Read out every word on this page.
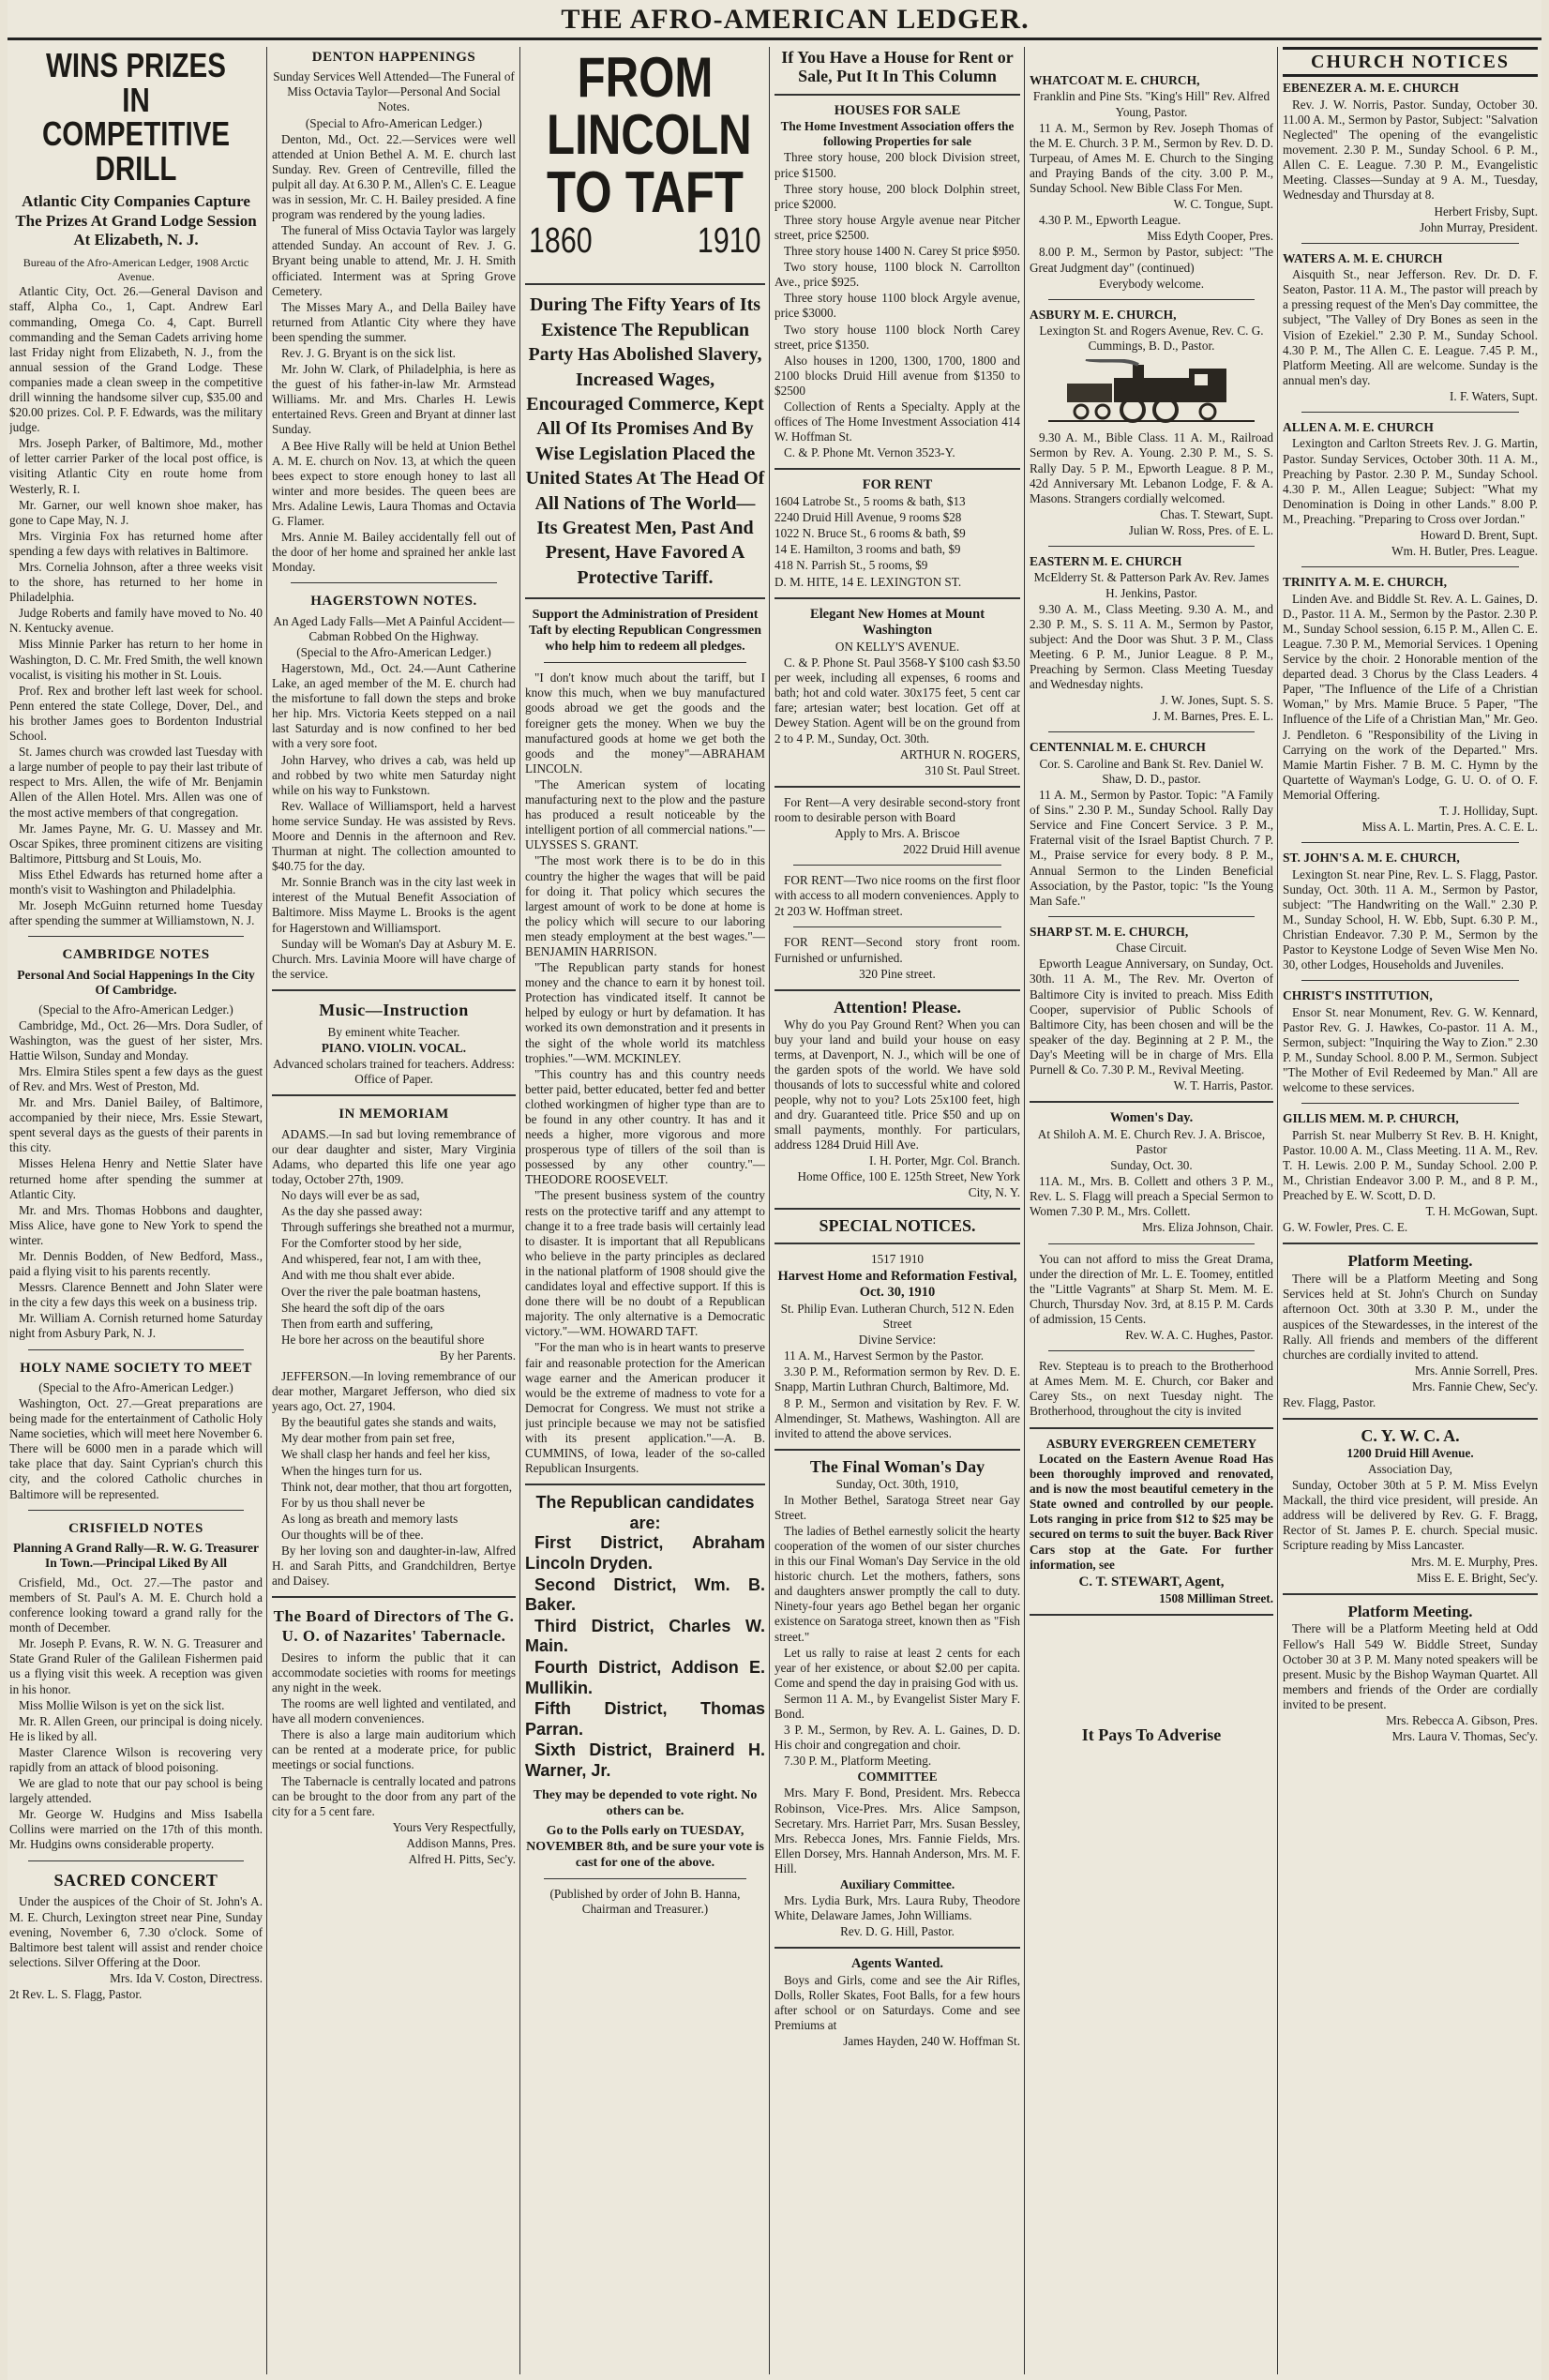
THE AFRO-AMERICAN LEDGER.
WINS PRIZES IN COMPETITIVE DRILL
Atlantic City Companies Capture The Prizes At Grand Lodge Session At Elizabeth, N. J.

Bureau of the Afro-American Ledger, 1908 Arctic Avenue.

Atlantic City, Oct. 26.—General Davison and staff, Alpha Co., 1, Capt. Andrew Earl commanding, Omega Co. 4, Capt. Burrell commanding and the Seman Cadets arriving home last Friday night from Elizabeth, N. J., from the annual session of the Grand Lodge. These companies made a clean sweep in the competitive drill winning the handsome silver cup, $35.00 and $20.00 prizes. Col. P. F. Edwards, was the military judge.

Mrs. Joseph Parker, of Baltimore, Md., mother of letter carrier Parker of the local post office, is visiting Atlantic City en route home from Westerly, R. I.

Mr. Garner, our well known shoe maker, has gone to Cape May, N. J.

Mrs. Virginia Fox has returned home after spending a few days with relatives in Baltimore.

Mrs. Cornelia Johnson, after a three weeks visit to the shore, has returned to her home in Philadelphia.

Judge Roberts and family have moved to No. 40 N. Kentucky avenue.

Miss Minnie Parker has return to her home in Washington, D. C. Mr. Fred Smith, the well known vocalist, is visiting his mother in St. Louis.

Prof. Rex and brother left last week for school. Penn entered the state College, Dover, Del., and his brother James goes to Bordenton Industrial School.

St. James church was crowded last Tuesday with a large number of people to pay their last tribute of respect to Mrs. Allen, the wife of Mr. Benjamin Allen of the Allen Hotel. Mrs. Allen was one of the most active members of that congregation.

Mr. James Payne, Mr. G. U. Massey and Mr. Oscar Spikes, three prominent citizens are visiting Baltimore, Pittsburg and St Louis, Mo.

Miss Ethel Edwards has returned home after a month's visit to Washington and Philadelphia.

Mr. Joseph McGuinn returned home Tuesday after spending the summer at Williamstown, N. J.

CAMBRIDGE NOTES
Personal And Social Happenings In the City Of Cambridge.

(Special to the Afro-American Ledger.)

Cambridge, Md., Oct. 26—Mrs. Dora Sudler, of Washington, was the guest of her sister, Mrs. Hattie Wilson, Sunday and Monday.

Mrs. Elmira Stiles spent a few days as the guest of Rev. and Mrs. West of Preston, Md.

Mr. and Mrs. Daniel Bailey, of Baltimore, accompanied by their niece, Mrs. Essie Stewart, spent several days as the guests of their parents in this city.

Misses Helena Henry and Nettie Slater have returned home after spending the summer at Atlantic City.

Mr. and Mrs. Thomas Hobbons and daughter, Miss Alice, have gone to New York to spend the winter.

Mr. Dennis Bodden, of New Bedford, Mass., paid a flying visit to his parents recently.

Messrs. Clarence Bennett and John Slater were in the city a few days this week on a business trip.

Mr. William A. Cornish returned home Saturday night from Asbury Park, N. J.

HOLY NAME SOCIETY TO MEET

(Special to the Afro-American Ledger.)

Washington, Oct. 27.—Great preparations are being made for the entertainment of Catholic Holy Name societies, which will meet here November 6. There will be 6000 men in a parade which will take place that day. Saint Cyprian's church this city, and the colored Catholic churches in Baltimore will be represented.

CRISFIELD NOTES
Planning A Grand Rally—R. W. G. Treasurer In Town.—Principal Liked By All

Crisfield, Md., Oct. 27.—The pastor and members of St. Paul's A. M. E. Church hold a conference looking toward a grand rally for the month of December.

Mr. Joseph P. Evans, R. W. N. G. Treasurer and State Grand Ruler of the Galilean Fishermen paid us a flying visit this week. A reception was given in his honor.

Miss Mollie Wilson is yet on the sick list.

Mr. R. Allen Green, our principal is doing nicely. He is liked by all.

Master Clarence Wilson is recovering very rapidly from an attack of blood poisoning.

We are glad to note that our pay school is being largely attended.

Mr. George W. Hudgins and Miss Isabella Collins were married on the 17th of this month. Mr. Hudgins owns considerable property.

SACRED CONCERT

Under the auspices of the Choir of St. John's A. M. E. Church, Lexington street near Pine, Sunday evening, November 6, 7.30 o'clock. Some of Baltimore best talent will assist and render choice selections. Silver Offering at the Door.

Mrs. Ida V. Coston, Directress.

2t Rev. L. S. Flagg, Pastor.

DENTON HAPPENINGS

Sunday Services Well Attended—The Funeral of Miss Octavia Taylor—Personal And Social Notes.

(Special to Afro-American Ledger.)

Denton, Md., Oct. 22.—Services were well attended at Union Bethel A. M. E. church last Sunday. Rev. Green of Centreville, filled the pulpit all day. At 6.30 P. M., Allen's C. E. League was in session, Mr. C. H. Bailey presided. A fine program was rendered by the young ladies.

The funeral of Miss Octavia Taylor was largely attended Sunday. An account of Rev. J. G. Bryant being unable to attend, Mr. J. H. Smith officiated. Interment was at Spring Grove Cemetery.

The Misses Mary A., and Della Bailey have returned from Atlantic City where they have been spending the summer.

Rev. J. G. Bryant is on the sick list.

Mr. John W. Clark, of Philadelphia, is here as the guest of his father-in-law Mr. Armstead Williams. Mr. and Mrs. Charles H. Lewis entertained Revs. Green and Bryant at dinner last Sunday.

A Bee Hive Rally will be held at Union Bethel A. M. E. church on Nov. 13, at which the queen bees expect to store enough honey to last all winter and more besides. The queen bees are Mrs. Adaline Lewis, Laura Thomas and Octavia G. Flamer.

Mrs. Annie M. Bailey accidentally fell out of the door of her home and sprained her ankle last Monday.

HAGERSTOWN NOTES.

An Aged Lady Falls—Met A Painful Accident—Cabman Robbed On the Highway.

(Special to the Afro-American Ledger.)

Hagerstown, Md., Oct. 24.—Aunt Catherine Lake, an aged member of the M. E. church had the misfortune to fall down the steps and broke her hip. Mrs. Victoria Keets stepped on a nail last Saturday and is now confined to her bed with a very sore foot.

John Harvey, who drives a cab, was held up and robbed by two white men Saturday night while on his way to Funkstown.

Rev. Wallace of Williamsport, held a harvest home service Sunday. He was assisted by Revs. Moore and Dennis in the afternoon and Rev. Thurman at night. The collection amounted to $40.75 for the day.

Mr. Sonnie Branch was in the city last week in interest of the Mutual Benefit Association of Baltimore. Miss Mayme L. Brooks is the agent for Hagerstown and Williamsport.

Sunday will be Woman's Day at Asbury M. E. Church. Mrs. Lavinia Moore will have charge of the service.

Music—Instruction

By eminent white Teacher.

PIANO. VIOLIN. VOCAL.

Advanced scholars trained for teachers. Address: Office of Paper.

IN MEMORIAM

ADAMS.—In sad but loving remembrance of our dear daughter and sister, Mary Virginia Adams, who departed this life one year ago today, October 27th, 1909.

No days will ever be as sad,

As the day she passed away:

Through sufferings she breathed not a murmur,

For the Comforter stood by her side,

And whispered, fear not, I am with thee,

And with me thou shalt ever abide.

Over the river the pale boatman hastens,

She heard the soft dip of the oars

Then from earth and suffering,

He bore her across on the beautiful shore

By her Parents.

JEFFERSON.—In loving remembrance of our dear mother, Margaret Jefferson, who died six years ago, Oct. 27, 1904.

By the beautiful gates she stands and waits,

My dear mother from pain set free,

We shall clasp her hands and feel her kiss,

When the hinges turn for us.

Think not, dear mother, that thou art forgotten,

For by us thou shall never be

As long as breath and memory lasts

Our thoughts will be of thee.

By her loving son and daughter-in-law, Alfred H. and Sarah Pitts, and Grandchildren, Bertye and Daisey.

The Board of Directors of The G. U. O. of Nazarites' Tabernacle.

Desires to inform the public that it can accommodate societies with rooms for meetings any night in the week.

The rooms are well lighted and ventilated, and have all modern conveniences.

There is also a large main auditorium which can be rented at a moderate price, for public meetings or social functions.

The Tabernacle is centrally located and patrons can be brought to the door from any part of the city for a 5 cent fare.

Yours Very Respectfully,

Addison Manns, Pres.

Alfred H. Pitts, Sec'y.

FROM LINCOLN
TO TAFT
1860	1910
During The Fifty Years of Its Existence The Republican Party Has Abolished Slavery, Increased Wages, Encouraged Commerce, Kept All Of Its Promises And By Wise Legislation Placed the United States At The Head Of All Nations of The World—Its Greatest Men, Past And Present, Have Favored A Protective Tariff.

Support the Administration of President Taft by electing Republican Congressmen who help him to redeem all pledges.

"I don't know much about the tariff, but I know this much, when we buy manufactured goods abroad we get the goods and the foreigner gets the money. When we buy the manufactured goods at home we get both the goods and the money"—ABRAHAM LINCOLN.

"The American system of locating manufacturing next to the plow and the pasture has produced a result noticeable by the intelligent portion of all commercial nations."—ULYSSES S. GRANT.

"The most work there is to be do in this country the higher the wages that will be paid for doing it. That policy which secures the largest amount of work to be done at home is the policy which will secure to our laboring men steady employment at the best wages."—BENJAMIN HARRISON.

"The Republican party stands for honest money and the chance to earn it by honest toil. Protection has vindicated itself. It cannot be helped by eulogy or hurt by defamation. It has worked its own demonstration and it presents in the sight of the whole world its matchless trophies."—WM. MCKINLEY.

"This country has and this country needs better paid, better educated, better fed and better clothed workingmen of higher type than are to be found in any other country. It has and it needs a higher, more vigorous and more prosperous type of tillers of the soil than is possessed by any other country."—THEODORE ROOSEVELT.

"The present business system of the country rests on the protective tariff and any attempt to change it to a free trade basis will certainly lead to disaster. It is important that all Republicans who believe in the party principles as declared in the national platform of 1908 should give the candidates loyal and effective support. If this is done there will be no doubt of a Republican majority. The only alternative is a Democratic victory."—WM. HOWARD TAFT.

"For the man who is in heart wants to preserve fair and reasonable protection for the American wage earner and the American producer it would be the extreme of madness to vote for a Democrat for Congress. We must not strike a just principle because we may not be satisfied with its present application."—A. B. CUMMINS, of Iowa, leader of the so-called Republican Insurgents.

The Republican candidates are:

First District, Abraham Lincoln Dryden.

Second District, Wm. B. Baker.

Third District, Charles W. Main.

Fourth District, Addison E. Mullikin.

Fifth District, Thomas Parran.

Sixth District, Brainerd H. Warner, Jr.

They may be depended to vote right. No others can be.

Go to the Polls early on TUESDAY, NOVEMBER 8th, and be sure your vote is cast for one of the above.

(Published by order of John B. Hanna, Chairman and Treasurer.)

If You Have a House for Rent or Sale, Put It In This Column
HOUSES FOR SALE

The Home Investment Association offers the following Properties for sale

Three story house, 200 block Division street, price $1500.

Three story house, 200 block Dolphin street, price $2000.

Three story house Argyle avenue near Pitcher street, price $2500.

Three story house 1400 N. Carey St price $950.

Two story house, 1100 block N. Carrollton Ave., price $925.

Three story house 1100 block Argyle avenue, price $3000.

Two story house 1100 block North Carey street, price $1350.

Also houses in 1200, 1300, 1700, 1800 and 2100 blocks Druid Hill avenue from $1350 to $2500

Collection of Rents a Specialty. Apply at the offices of The Home Investment Association 414 W. Hoffman St.

C. & P. Phone Mt. Vernon 3523-Y.

FOR RENT

1604 Latrobe St., 5 rooms & bath, $13

2240 Druid Hill Avenue, 9 rooms $28

1022 N. Bruce St., 6 rooms & bath, $9

14 E. Hamilton, 3 rooms and bath, $9

418 N. Parrish St., 5 rooms, $9

D. M. HITE, 14 E. LEXINGTON ST.

Elegant New Homes at Mount Washington

ON KELLY'S AVENUE.

C. & P. Phone St. Paul 3568-Y $100 cash $3.50 per week, including all expenses, 6 rooms and bath; hot and cold water. 30x175 feet, 5 cent car fare; artesian water; best location. Get off at Dewey Station. Agent will be on the ground from 2 to 4 P. M., Sunday, Oct. 30th.

ARTHUR N. ROGERS,

310 St. Paul Street.

For Rent—A very desirable second-story front room to desirable person with Board

Apply to Mrs. A. Briscoe

2022 Druid Hill avenue

FOR RENT—Two nice rooms on the first floor with access to all modern conveniences. Apply to

2t 203 W. Hoffman street.

FOR RENT—Second story front room. Furnished or unfurnished.

320 Pine street.

Attention! Please.

Why do you Pay Ground Rent? When you can buy your land and build your house on easy terms, at Davenport, N. J., which will be one of the garden spots of the world. We have sold thousands of lots to successful white and colored people, why not to you? Lots 25x100 feet, high and dry. Guaranteed title. Price $50 and up on small payments, monthly. For particulars, address 1284 Druid Hill Ave.

I. H. Porter, Mgr. Col. Branch.

Home Office, 100 E. 125th Street, New York City, N. Y.

SPECIAL NOTICES.

1517 1910

Harvest Home and Reformation Festival, Oct. 30, 1910

St. Philip Evan. Lutheran Church, 512 N. Eden Street

Divine Service:

11 A. M., Harvest Sermon by the Pastor.

3.30 P. M., Reformation sermon by Rev. D. E. Snapp, Martin Luthran Church, Baltimore, Md.

8 P. M., Sermon and visitation by Rev. F. W. Almendinger, St. Mathews, Washington. All are invited to attend the above services.

The Final Woman's Day

Sunday, Oct. 30th, 1910,

In Mother Bethel, Saratoga Street near Gay Street.

The ladies of Bethel earnestly solicit the hearty cooperation of the women of our sister churches in this our Final Woman's Day Service in the old historic church. Let the mothers, fathers, sons and daughters answer promptly the call to duty. Ninety-four years ago Bethel began her organic existence on Saratoga street, known then as "Fish street."

Let us rally to raise at least 2 cents for each year of her existence, or about $2.00 per capita. Come and spend the day in praising God with us.

Sermon 11 A. M., by Evangelist Sister Mary F. Bond.

3 P. M., Sermon, by Rev. A. L. Gaines, D. D. His choir and congregation and choir.

7.30 P. M., Platform Meeting.

COMMITTEE

Mrs. Mary F. Bond, President. Mrs. Rebecca Robinson, Vice-Pres. Mrs. Alice Sampson, Secretary. Mrs. Harriet Parr, Mrs. Susan Bessley, Mrs. Rebecca Jones, Mrs. Fannie Fields, Mrs. Ellen Dorsey, Mrs. Hannah Anderson, Mrs. M. F. Hill.

Auxiliary Committee.

Mrs. Lydia Burk, Mrs. Laura Ruby, Theodore White, Delaware James, John Williams.

Rev. D. G. Hill, Pastor.

Agents Wanted.

Boys and Girls, come and see the Air Rifles, Dolls, Roller Skates, Foot Balls, for a few hours after school or on Saturdays. Come and see Premiums at

James Hayden, 240 W. Hoffman St.

WHATCOAT M. E. CHURCH,

Franklin and Pine Sts. "King's Hill" Rev. Alfred Young, Pastor.

11 A. M., Sermon by Rev. Joseph Thomas of the M. E. Church. 3 P. M., Sermon by Rev. D. D. Turpeau, of Ames M. E. Church to the Singing and Praying Bands of the city. 3.00 P. M., Sunday School. New Bible Class For Men.

W. C. Tongue, Supt.

4.30 P. M., Epworth League.

Miss Edyth Cooper, Pres.

8.00 P. M., Sermon by Pastor, subject: "The Great Judgment day" (continued)

Everybody welcome.

ASBURY M. E. CHURCH,

Lexington St. and Rogers Avenue, Rev. C. G. Cummings, B. D., Pastor.

9.30 A. M., Bible Class. 11 A. M., Railroad Sermon by Rev. A. Young. 2.30 P. M., S. S. Rally Day. 5 P. M., Epworth League. 8 P. M., 42d Anniversary Mt. Lebanon Lodge, F. & A. Masons. Strangers cordially welcomed.

Chas. T. Stewart, Supt.

Julian W. Ross, Pres. of E. L.

EASTERN M. E. CHURCH

McElderry St. & Patterson Park Av. Rev. James H. Jenkins, Pastor.

9.30 A. M., Class Meeting. 9.30 A. M., and 2.30 P. M., S. S. 11 A. M., Sermon by Pastor, subject: And the Door was Shut. 3 P. M., Class Meeting. 6 P. M., Junior League. 8 P. M., Preaching by Sermon. Class Meeting Tuesday and Wednesday nights.

J. W. Jones, Supt. S. S.

J. M. Barnes, Pres. E. L.

CENTENNIAL M. E. CHURCH

Cor. S. Caroline and Bank St. Rev. Daniel W. Shaw, D. D., pastor.

11 A. M., Sermon by Pastor. Topic: "A Family of Sins." 2.30 P. M., Sunday School. Rally Day Service and Fine Concert Service. 3 P. M., Fraternal visit of the Israel Baptist Church. 7 P. M., Praise service for every body. 8 P. M., Annual Sermon to the Linden Beneficial Association, by the Pastor, topic: "Is the Young Man Safe."

SHARP ST. M. E. CHURCH,

Chase Circuit.

Epworth League Anniversary, on Sunday, Oct. 30th. 11 A. M., The Rev. Mr. Overton of Baltimore City is invited to preach. Miss Edith Cooper, supervisior of Public Schools of Baltimore City, has been chosen and will be the speaker of the day. Beginning at 2 P. M., the Day's Meeting will be in charge of Mrs. Ella Purnell & Co. 7.30 P. M., Revival Meeting.

W. T. Harris, Pastor.

Women's Day.

At Shiloh A. M. E. Church Rev. J. A. Briscoe, Pastor

Sunday, Oct. 30.

11A. M., Mrs. B. Collett and others 3 P. M., Rev. L. S. Flagg will preach a Special Sermon to Women 7.30 P. M., Mrs. Collett.

Mrs. Eliza Johnson, Chair.

You can not afford to miss the Great Drama, under the direction of Mr. L. E. Toomey, entitled the "Little Vagrants" at Sharp St. Mem. M. E. Church, Thursday Nov. 3rd, at 8.15 P. M. Cards of admission, 15 Cents.

Rev. W. A. C. Hughes, Pastor.

Rev. Stepteau is to preach to the Brotherhood at Ames Mem. M. E. Church, cor Baker and Carey Sts., on next Tuesday night. The Brotherhood, throughout the city is invited

ASBURY EVERGREEN CEMETERY

Located on the Eastern Avenue Road Has been thoroughly improved and renovated, and is now the most beautiful cemetery in the State owned and controlled by our people. Lots ranging in price from $12 to $25 may be secured on terms to suit the buyer. Back River Cars stop at the Gate. For further information, see

C. T. STEWART, Agent,

1508 Milliman Street.

It Pays To Adverise
CHURCH NOTICES

EBENEZER A. M. E. CHURCH

Rev. J. W. Norris, Pastor. Sunday, October 30. 11.00 A. M., Sermon by Pastor, Subject: "Salvation Neglected" The opening of the evangelistic movement. 2.30 P. M., Sunday School. 6 P. M., Allen C. E. League. 7.30 P. M., Evangelistic Meeting. Classes—Sunday at 9 A. M., Tuesday, Wednesday and Thursday at 8.

Herbert Frisby, Supt.

John Murray, President.

WATERS A. M. E. CHURCH

Aisquith St., near Jefferson. Rev. Dr. D. F. Seaton, Pastor. 11 A. M., The pastor will preach by a pressing request of the Men's Day committee, the subject, "The Valley of Dry Bones as seen in the Vision of Ezekiel." 2.30 P. M., Sunday School. 4.30 P. M., The Allen C. E. League. 7.45 P. M., Platform Meeting. All are welcome. Sunday is the annual men's day.

I. F. Waters, Supt.

ALLEN A. M. E. CHURCH

Lexington and Carlton Streets Rev. J. G. Martin, Pastor. Sunday Services, October 30th. 11 A. M., Preaching by Pastor. 2.30 P. M., Sunday School. 4.30 P. M., Allen League; Subject: "What my Denomination is Doing in other Lands." 8.00 P. M., Preaching. "Preparing to Cross over Jordan."

Howard D. Brent, Supt.

Wm. H. Butler, Pres. League.

TRINITY A. M. E. CHURCH,

Linden Ave. and Biddle St. Rev. A. L. Gaines, D. D., Pastor. 11 A. M., Sermon by the Pastor. 2.30 P. M., Sunday School session, 6.15 P. M., Allen C. E. League. 7.30 P. M., Memorial Services. 1 Opening Service by the choir. 2 Honorable mention of the departed dead. 3 Chorus by the Class Leaders. 4 Paper, "The Influence of the Life of a Christian Woman," by Mrs. Mamie Bruce. 5 Paper, "The Influence of the Life of a Christian Man," Mr. Geo. J. Pendleton. 6 "Responsibility of the Living in Carrying on the work of the Departed." Mrs. Mamie Martin Fisher. 7 B. M. C. Hymn by the Quartette of Wayman's Lodge, G. U. O. of O. F. Memorial Offering.

T. J. Holliday, Supt.

Miss A. L. Martin, Pres. A. C. E. L.

ST. JOHN'S A. M. E. CHURCH,

Lexington St. near Pine, Rev. L. S. Flagg, Pastor. Sunday, Oct. 30th. 11 A. M., Sermon by Pastor, subject: "The Handwriting on the Wall." 2.30 P. M., Sunday School, H. W. Ebb, Supt. 6.30 P. M., Christian Endeavor. 7.30 P. M., Sermon by the Pastor to Keystone Lodge of Seven Wise Men No. 30, other Lodges, Households and Juveniles.

CHRIST'S INSTITUTION,

Ensor St. near Monument, Rev. G. W. Kennard, Pastor Rev. G. J. Hawkes, Co-pastor. 11 A. M., Sermon, subject: "Inquiring the Way to Zion." 2.30 P. M., Sunday School. 8.00 P. M., Sermon. Subject "The Mother of Evil Redeemed by Man." All are welcome to these services.

GILLIS MEM. M. P. CHURCH,

Parrish St. near Mulberry St Rev. B. H. Knight, Pastor. 10.00 A. M., Class Meeting. 11 A. M., Rev. T. H. Lewis. 2.00 P. M., Sunday School. 2.00 P. M., Christian Endeavor 3.00 P. M., and 8 P. M., Preached by E. W. Scott, D. D.

T. H. McGowan, Supt.

G. W. Fowler, Pres. C. E.

Platform Meeting.

There will be a Platform Meeting and Song Services held at St. John's Church on Sunday afternoon Oct. 30th at 3.30 P. M., under the auspices of the Stewardesses, in the interest of the Rally. All friends and members of the different churches are cordially invited to attend.

Mrs. Annie Sorrell, Pres.

Mrs. Fannie Chew, Sec'y.

Rev. Flagg, Pastor.

C. Y. W. C. A.

1200 Druid Hill Avenue.

Association Day,

Sunday, October 30th at 5 P. M. Miss Evelyn Mackall, the third vice president, will preside. An address will be delivered by Rev. G. F. Bragg, Rector of St. James P. E. church. Special music. Scripture reading by Miss Lancaster.

Mrs. M. E. Murphy, Pres.

Miss E. E. Bright, Sec'y.

Platform Meeting.

There will be a Platform Meeting held at Odd Fellow's Hall 549 W. Biddle Street, Sunday October 30 at 3 P. M. Many noted speakers will be present. Music by the Bishop Wayman Quartet. All members and friends of the Order are cordially invited to be present.

Mrs. Rebecca A. Gibson, Pres.

Mrs. Laura V. Thomas, Sec'y.
